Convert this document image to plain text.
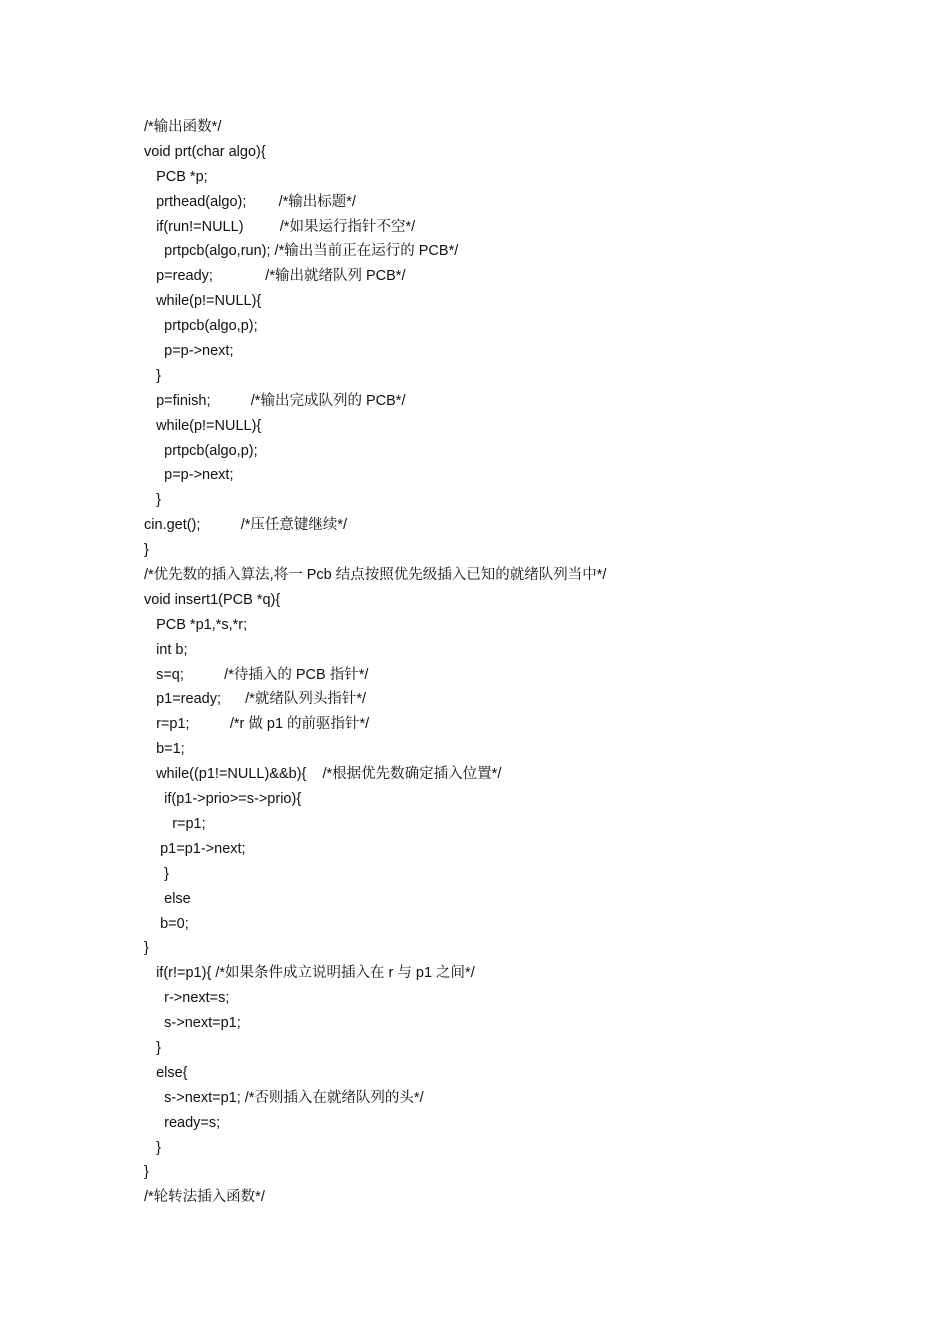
/*输出函数*/
void prt(char algo){
PCB *p;
prthead(algo);        /*输出标题*/
if(run!=NULL)         /*如果运行指针不空*/
prtpcb(algo,run); /*输出当前正在运行的 PCB*/
p=ready;             /*输出就绪队列 PCB*/
while(p!=NULL){
prtpcb(algo,p);
p=p->next;
}
p=finish;          /*输出完成队列的 PCB*/
while(p!=NULL){
prtpcb(algo,p);
p=p->next;
}
cin.get();          /*压任意键继续*/
}
/*优先数的插入算法,将一 Pcb 结点按照优先级插入已知的就绪队列当中*/
void insert1(PCB *q){
PCB *p1,*s,*r;
int b;
s=q;          /*待插入的 PCB 指针*/
p1=ready;      /*就绪队列头指针*/
r=p1;          /*r 做 p1 的前驱指针*/
b=1;
while((p1!=NULL)&&b){    /*根据优先数确定插入位置*/
if(p1->prio>=s->prio){
r=p1;
p1=p1->next;
}
else
b=0;
}
if(r!=p1){ /*如果条件成立说明插入在 r 与 p1 之间*/
r->next=s;
s->next=p1;
}
else{
s->next=p1; /*否则插入在就绪队列的头*/
ready=s;
}
}
/*轮转法插入函数*/
